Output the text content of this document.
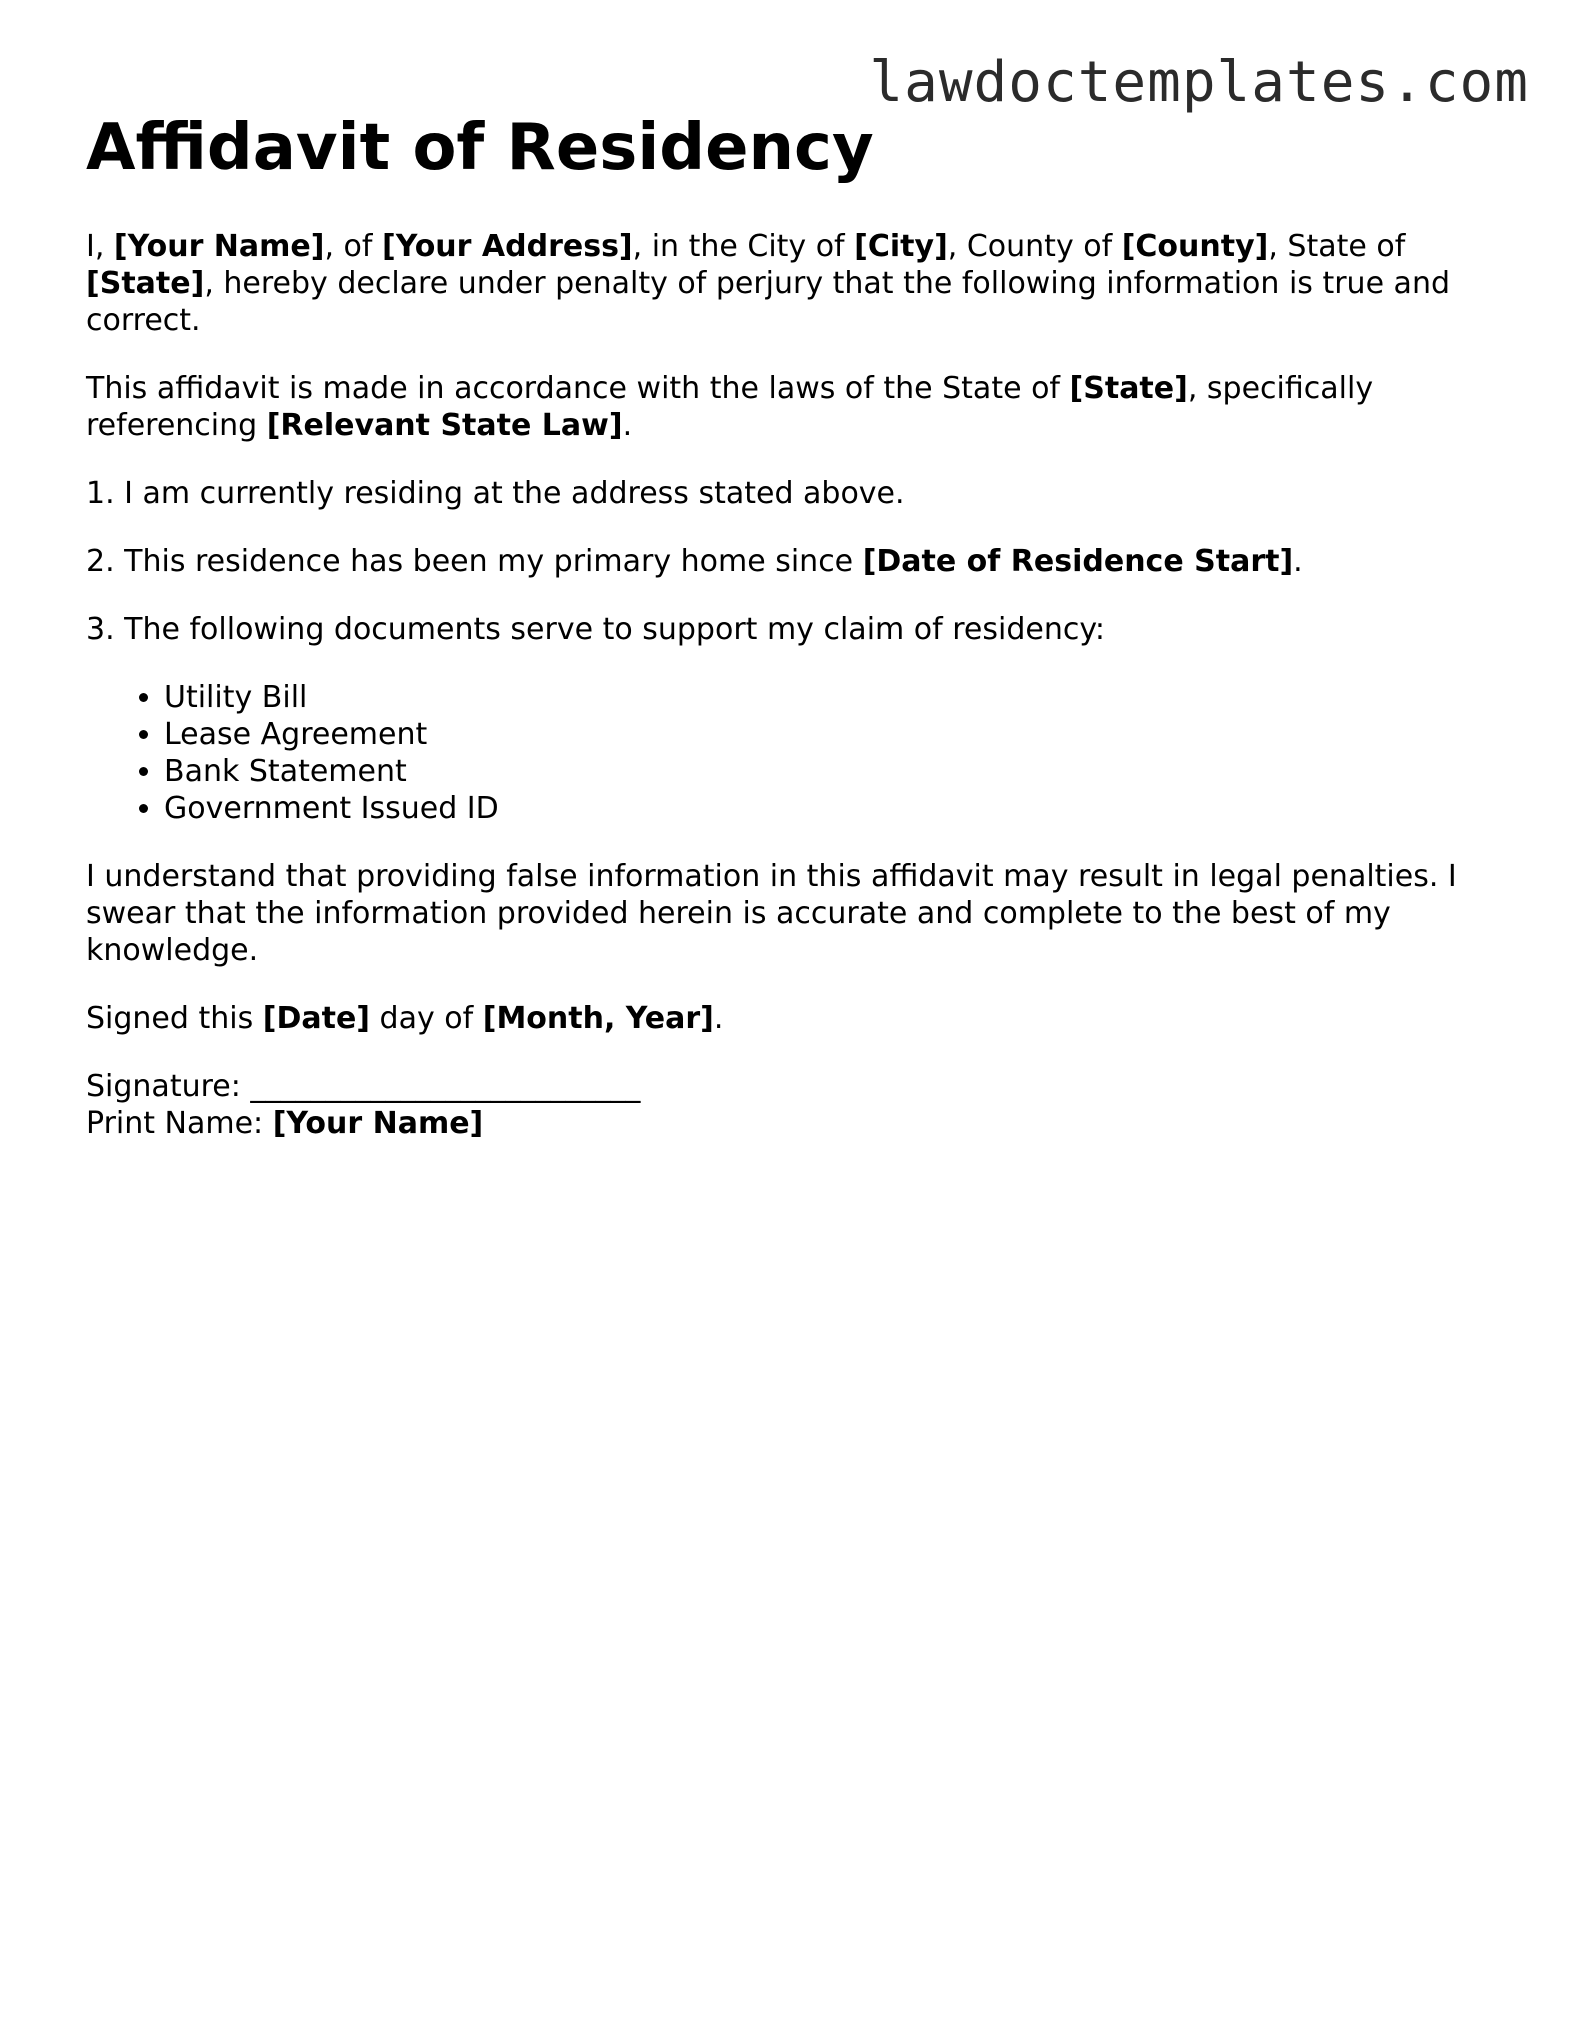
lawdoctemplates.com
Affidavit of Residency

I, [Your Name], of [Your Address], in the City of [City], County of [County], State of [State], hereby declare under penalty of perjury that the following information is true and correct.

This affidavit is made in accordance with the laws of the State of [State], specifically referencing [Relevant State Law].

1. I am currently residing at the address stated above.

2. This residence has been my primary home since [Date of Residence Start].

3. The following documents serve to support my claim of residency:

• Utility Bill
• Lease Agreement
• Bank Statement
• Government Issued ID

I understand that providing false information in this affidavit may result in legal penalties. I swear that the information provided herein is accurate and complete to the best of my knowledge.

Signed this [Date] day of [Month, Year].

Signature: __________________________
Print Name: [Your Name]
